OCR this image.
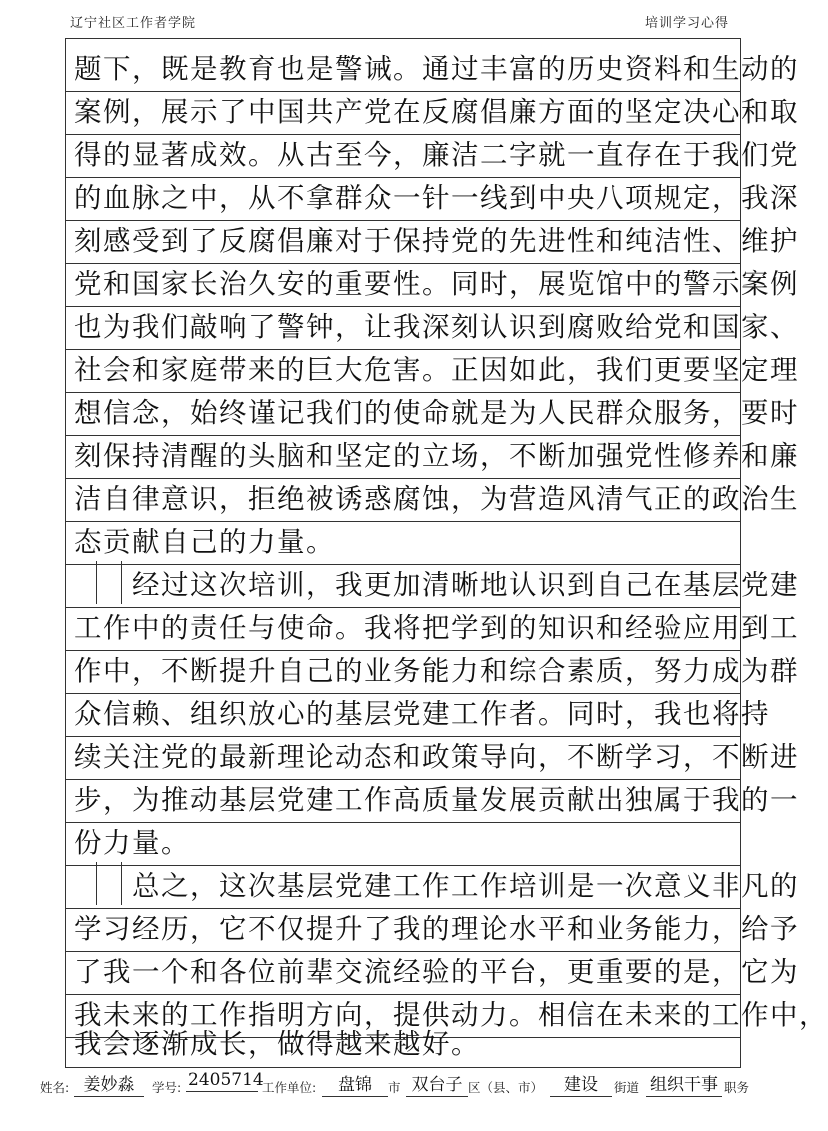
辽宁社区工作者学院	培训学习心得
题下，既是教育也是警诫。通过丰富的历史资料和生动的
案例，展示了中国共产党在反腐倡廉方面的坚定决心和取
得的显著成效。从古至今，廉洁二字就一直存在于我们党
的血脉之中，从不拿群众一针一线到中央八项规定，我深
刻感受到了反腐倡廉对于保持党的先进性和纯洁性、维护
党和国家长治久安的重要性。同时，展览馆中的警示案例
也为我们敲响了警钟，让我深刻认识到腐败给党和国家、
社会和家庭带来的巨大危害。正因如此，我们更要坚定理
想信念，始终谨记我们的使命就是为人民群众服务，要时
刻保持清醒的头脑和坚定的立场，不断加强党性修养和廉
洁自律意识，拒绝被诱惑腐蚀，为营造风清气正的政治生
态贡献自己的力量。
经过这次培训，我更加清晰地认识到自己在基层党建
工作中的责任与使命。我将把学到的知识和经验应用到工
作中，不断提升自己的业务能力和综合素质，努力成为群
众信赖、组织放心的基层党建工作者。同时，我也将持
续关注党的最新理论动态和政策导向，不断学习，不断进
步，为推动基层党建工作高质量发展贡献出独属于我的一
份力量。
总之，这次基层党建工作工作培训是一次意义非凡的
学习经历，它不仅提升了我的理论水平和业务能力，给予
了我一个和各位前辈交流经验的平台，更重要的是，它为
我未来的工作指明方向，提供动力。相信在未来的工作中，
我会逐渐成长，做得越来越好。
姓名: 姜妙淼	学号: 2405714
工作单位:	盘锦	市 双台子 区（县、市）	建设	街道 组织干事 职务
